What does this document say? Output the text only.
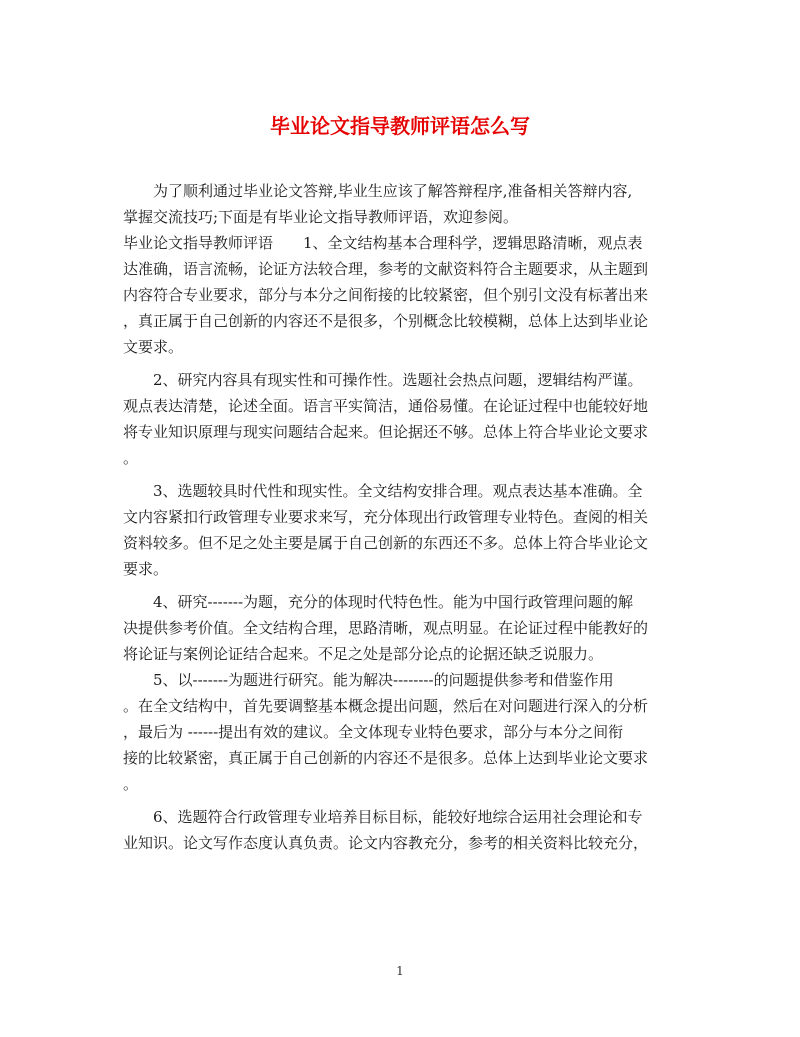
毕业论文指导教师评语怎么写

为了顺利通过毕业论文答辩,毕业生应该了解答辩程序,准备相关答辩内容,
掌握交流技巧;下面是有毕业论文指导教师评语，欢迎参阅。

毕业论文指导教师评语　　1、全文结构基本合理科学，逻辑思路清晰，观点表
达准确，语言流畅，论证方法较合理，参考的文献资料符合主题要求，从主题到
内容符合专业要求，部分与本分之间衔接的比较紧密，但个别引文没有标著出来
，真正属于自己创新的内容还不是很多，个别概念比较模糊，总体上达到毕业论
文要求。

2、研究内容具有现实性和可操作性。选题社会热点问题，逻辑结构严谨。
观点表达清楚，论述全面。语言平实简洁，通俗易懂。在论证过程中也能较好地
将专业知识原理与现实问题结合起来。但论据还不够。总体上符合毕业论文要求
。

3、选题较具时代性和现实性。全文结构安排合理。观点表达基本准确。全
文内容紧扣行政管理专业要求来写，充分体现出行政管理专业特色。查阅的相关
资料较多。但不足之处主要是属于自己创新的东西还不多。总体上符合毕业论文
要求。

4、研究-------为题，充分的体现时代特色性。能为中国行政管理问题的解
决提供参考价值。全文结构合理，思路清晰，观点明显。在论证过程中能教好的
将论证与案例论证结合起来。不足之处是部分论点的论据还缺乏说服力。

5、以-------为题进行研究。能为解决--------的问题提供参考和借鉴作用
。在全文结构中，首先要调整基本概念提出问题，然后在对问题进行深入的分析
，最后为 ------提出有效的建议。全文体现专业特色要求，部分与本分之间衔
接的比较紧密，真正属于自己创新的内容还不是很多。总体上达到毕业论文要求
。

6、选题符合行政管理专业培养目标目标，能较好地综合运用社会理论和专
业知识。论文写作态度认真负责。论文内容教充分，参考的相关资料比较充分，

1
